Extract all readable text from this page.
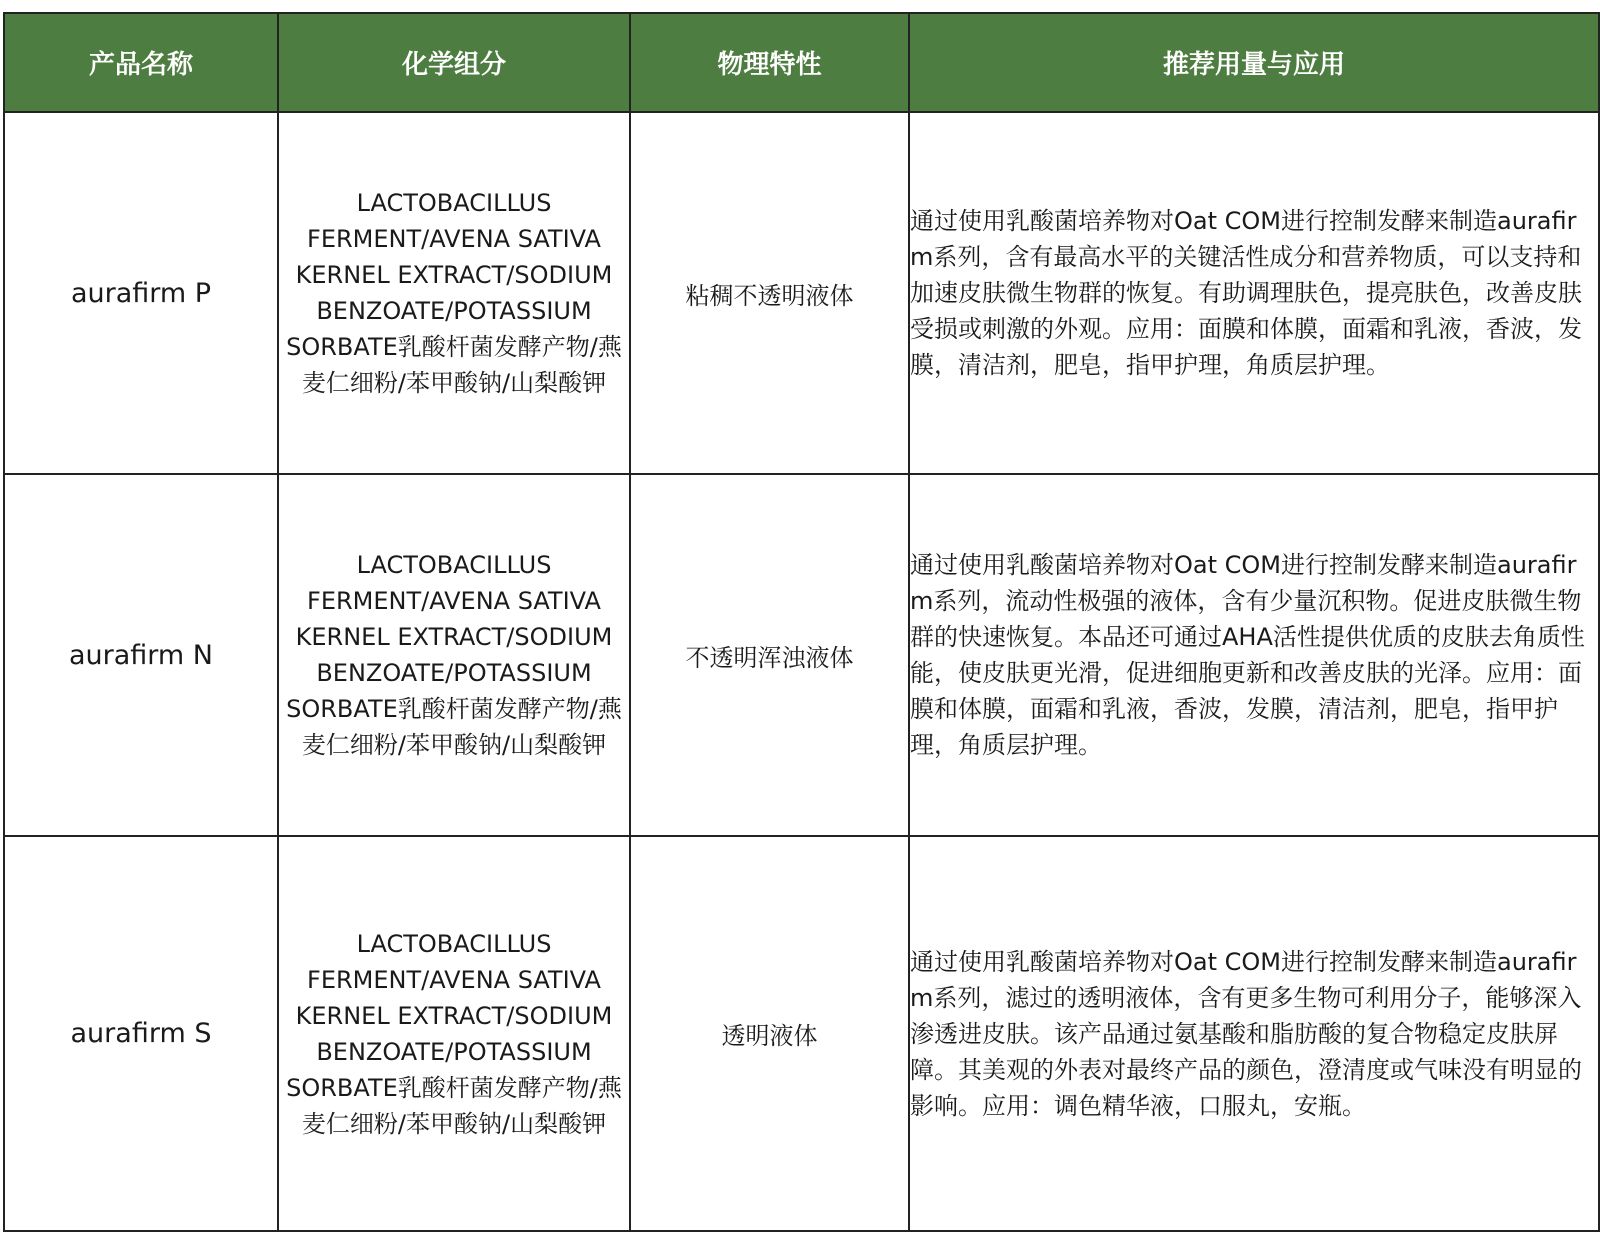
产品名称	化学组分	物理特性	推荐用量与应用
aurafirm P	LACTOBACILLUS FERMENT/AVENA SATIVA KERNEL EXTRACT/SODIUM BENZOATE/POTASSIUM SORBATE乳酸杆菌发酵产物/燕麦仁细粉/苯甲酸钠/山梨酸钾	粘稠不透明液体	通过使用乳酸菌培养物对Oat COM进行控制发酵来制造aurafirm系列，含有最高水平的关键活性成分和营养物质，可以支持和加速皮肤微生物群的恢复。有助调理肤色，提亮肤色，改善皮肤受损或刺激的外观。应用：面膜和体膜，面霜和乳液，香波，发膜，清洁剂，肥皂，指甲护理，角质层护理。
aurafirm N	LACTOBACILLUS FERMENT/AVENA SATIVA KERNEL EXTRACT/SODIUM BENZOATE/POTASSIUM SORBATE乳酸杆菌发酵产物/燕麦仁细粉/苯甲酸钠/山梨酸钾	不透明浑浊液体	通过使用乳酸菌培养物对Oat COM进行控制发酵来制造aurafirm系列，流动性极强的液体，含有少量沉积物。促进皮肤微生物群的快速恢复。本品还可通过AHA活性提供优质的皮肤去角质性能，使皮肤更光滑，促进细胞更新和改善皮肤的光泽。应用：面膜和体膜，面霜和乳液，香波，发膜，清洁剂，肥皂，指甲护理，角质层护理。
aurafirm S	LACTOBACILLUS FERMENT/AVENA SATIVA KERNEL EXTRACT/SODIUM BENZOATE/POTASSIUM SORBATE乳酸杆菌发酵产物/燕麦仁细粉/苯甲酸钠/山梨酸钾	透明液体	通过使用乳酸菌培养物对Oat COM进行控制发酵来制造aurafirm系列，滤过的透明液体，含有更多生物可利用分子，能够深入渗透进皮肤。该产品通过氨基酸和脂肪酸的复合物稳定皮肤屏障。其美观的外表对最终产品的颜色，澄清度或气味没有明显的影响。应用：调色精华液，口服丸，安瓶。
